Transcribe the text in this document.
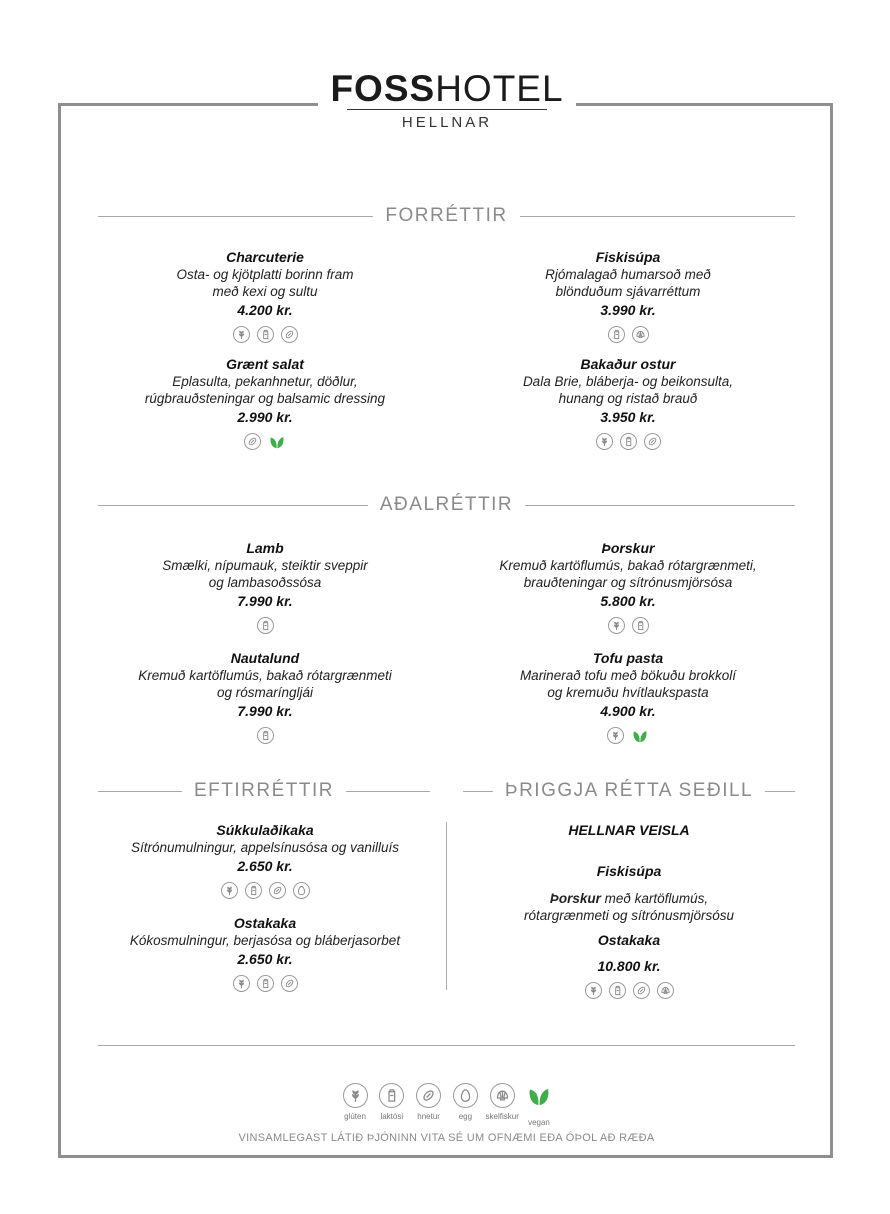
FOSSHOTEL
HELLNAR
FORRÉTTIR
Charcuterie
Osta- og kjötplatti borinn fram
með kexi og sultu
4.200 kr.
Fiskisúpa
Rjómalagað humarsoð með
blönduðum sjávarréttum
3.990 kr.
Grænt salat
Eplasulta, pekanhnetur, döðlur,
rúgbrauðsteningar og balsamic dressing
2.990 kr.
Bakaður ostur
Dala Brie, bláberja- og beikonsulta,
hunang og ristað brauð
3.950 kr.
AÐALRÉTTIR
Lamb
Smælki, nípumauk, steiktir sveppir
og lambasoðssósa
7.990 kr.
Þorskur
Kremuð kartöflumús, bakað rótargrænmeti,
brauðteningar og sítrónusmjörsósa
5.800 kr.
Nautalund
Kremuð kartöflumús, bakað rótargrænmeti
og rósmaríngljái
7.990 kr.
Tofu pasta
Marinerað tofu með bökuðu brokkolí
og kremuðu hvítlaukspasta
4.900 kr.
EFTIRRÉTTIR	ÞRIGGJA RÉTTA SEÐILL
Súkkulaðikaka
Sítrónumulningur, appelsínusósa og vanilluís
2.650 kr.
Ostakaka
Kókosmulningur, berjasósa og bláberjasorbet
2.650 kr.
HELLNAR VEISLA
Fiskisúpa
Þorskur með kartöflumús,
rótargrænmeti og sítrónusmjörsósu
Ostakaka
10.800 kr.
glúten laktósi hnetur egg skelfiskur
vegan
VINSAMLEGAST LÁTIÐ ÞJÓNINN VITA SÉ UM OFNÆMI EÐA ÓÞOL AÐ RÆÐA
